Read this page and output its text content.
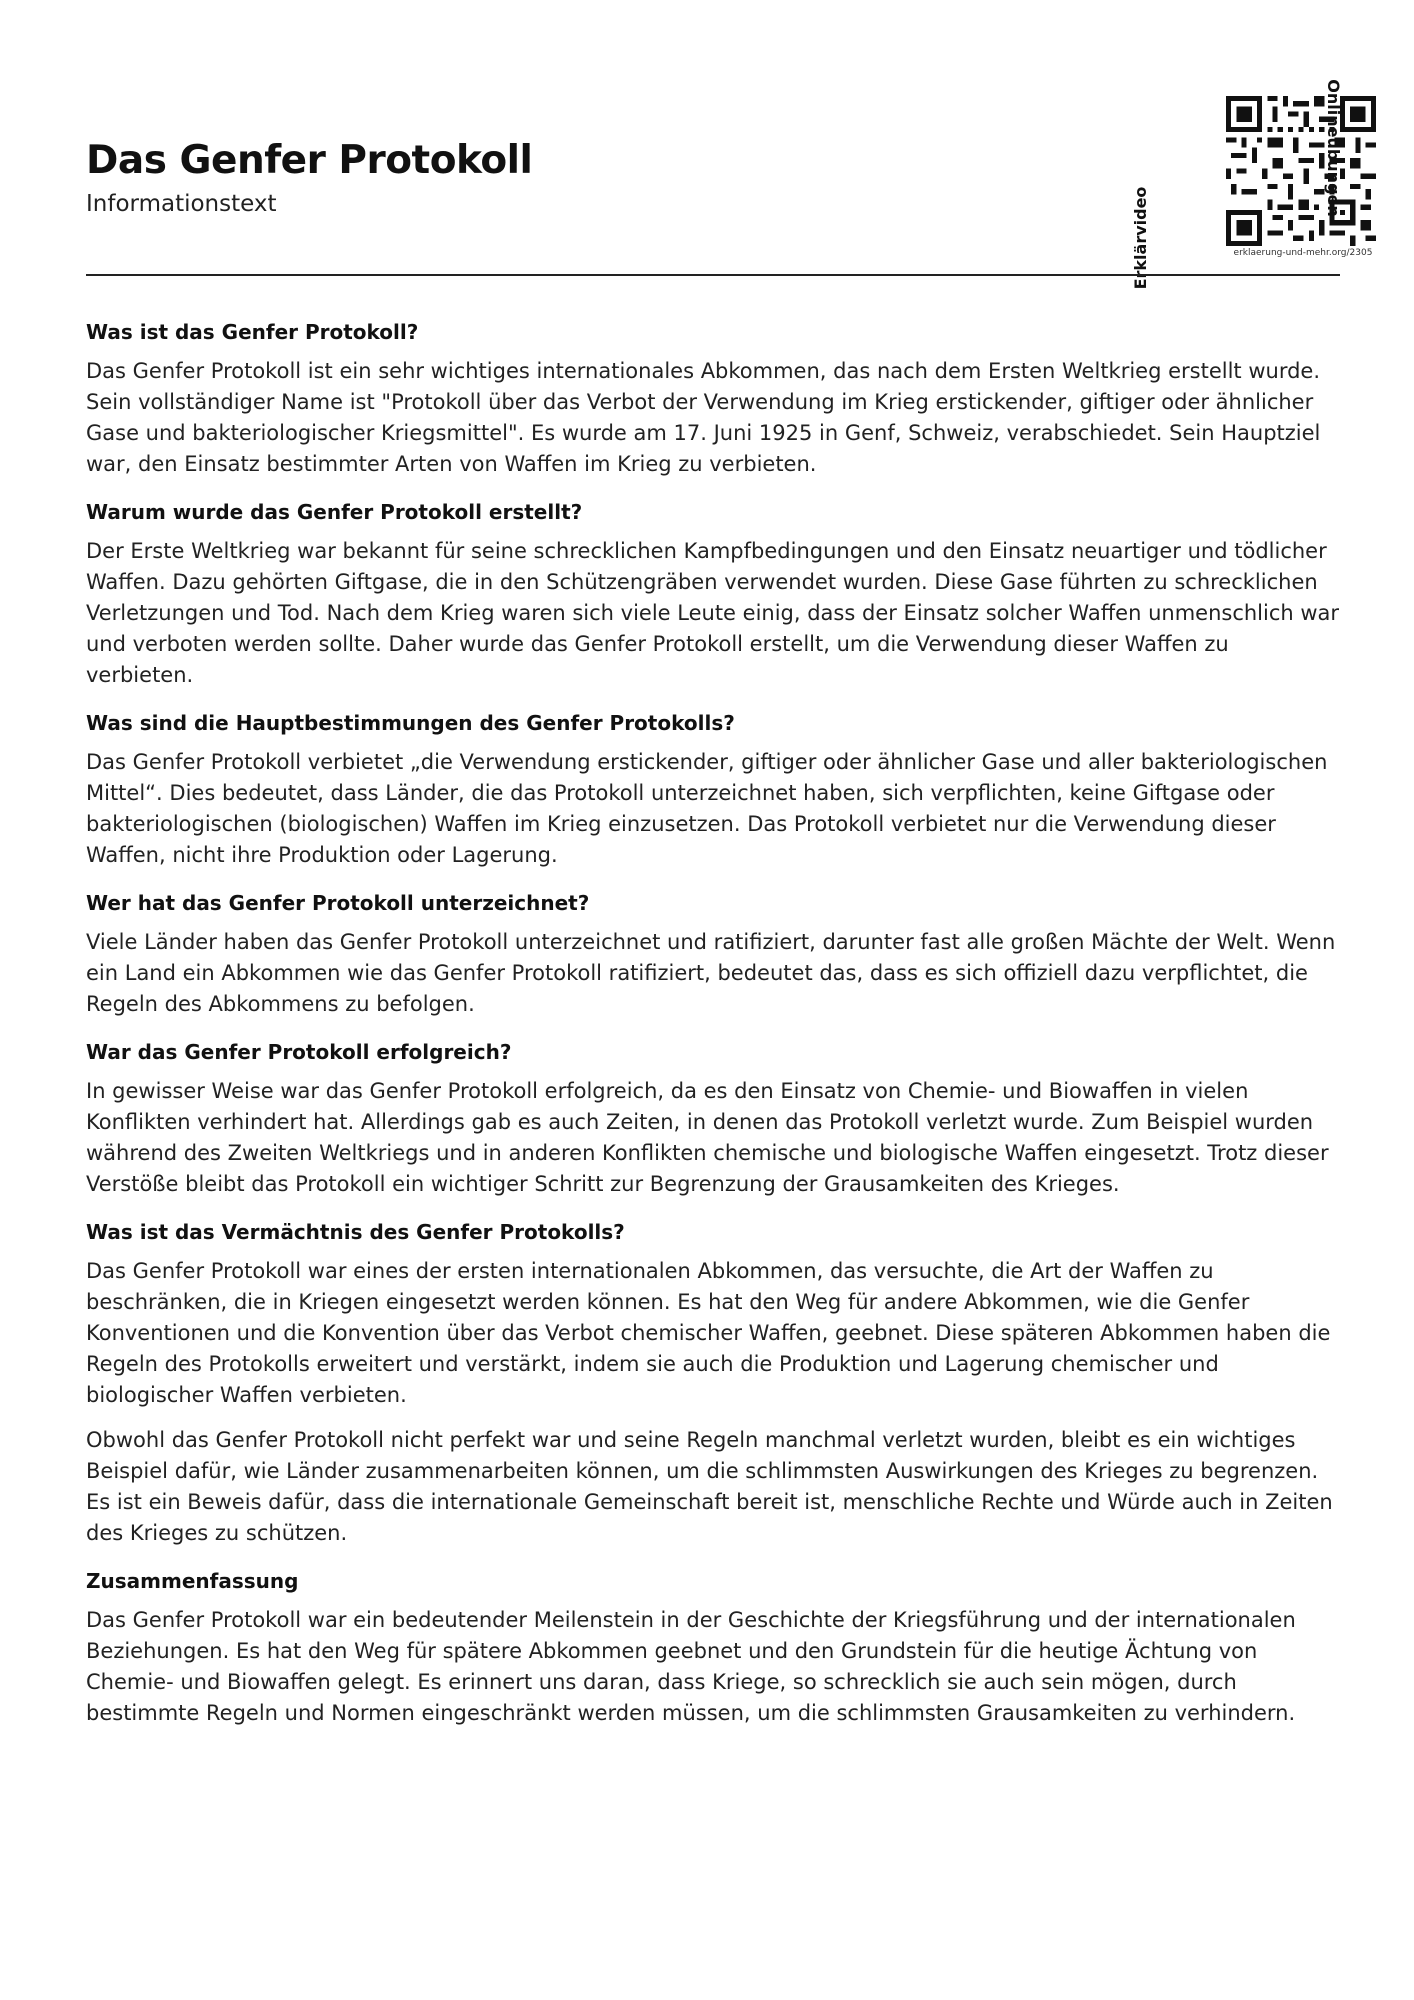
Das Genfer Protokoll
Informationstext	Erklärvideo
Onlineübungen
erklaerung-und-mehr.org/2305
Was ist das Genfer Protokoll?

Das Genfer Protokoll ist ein sehr wichtiges internationales Abkommen, das nach dem Ersten Weltkrieg erstellt wurde. Sein vollständiger Name ist "Protokoll über das Verbot der Verwendung im Krieg erstickender, giftiger oder ähnlicher Gase und bakteriologischer Kriegsmittel". Es wurde am 17. Juni 1925 in Genf, Schweiz, verabschiedet. Sein Hauptziel war, den Einsatz bestimmter Arten von Waffen im Krieg zu verbieten.

Warum wurde das Genfer Protokoll erstellt?

Der Erste Weltkrieg war bekannt für seine schrecklichen Kampfbedingungen und den Einsatz neuartiger und tödlicher Waffen. Dazu gehörten Giftgase, die in den Schützengräben verwendet wurden. Diese Gase führten zu schrecklichen Verletzungen und Tod. Nach dem Krieg waren sich viele Leute einig, dass der Einsatz solcher Waffen unmenschlich war und verboten werden sollte. Daher wurde das Genfer Protokoll erstellt, um die Verwendung dieser Waffen zu verbieten.

Was sind die Hauptbestimmungen des Genfer Protokolls?

Das Genfer Protokoll verbietet „die Verwendung erstickender, giftiger oder ähnlicher Gase und aller bakteriologischen Mittel“. Dies bedeutet, dass Länder, die das Protokoll unterzeichnet haben, sich verpflichten, keine Giftgase oder bakteriologischen (biologischen) Waffen im Krieg einzusetzen. Das Protokoll verbietet nur die Verwendung dieser Waffen, nicht ihre Produktion oder Lagerung.

Wer hat das Genfer Protokoll unterzeichnet?

Viele Länder haben das Genfer Protokoll unterzeichnet und ratifiziert, darunter fast alle großen Mächte der Welt. Wenn ein Land ein Abkommen wie das Genfer Protokoll ratifiziert, bedeutet das, dass es sich offiziell dazu verpflichtet, die Regeln des Abkommens zu befolgen.

War das Genfer Protokoll erfolgreich?

In gewisser Weise war das Genfer Protokoll erfolgreich, da es den Einsatz von Chemie- und Biowaffen in vielen Konflikten verhindert hat. Allerdings gab es auch Zeiten, in denen das Protokoll verletzt wurde. Zum Beispiel wurden während des Zweiten Weltkriegs und in anderen Konflikten chemische und biologische Waffen eingesetzt. Trotz dieser Verstöße bleibt das Protokoll ein wichtiger Schritt zur Begrenzung der Grausamkeiten des Krieges.

Was ist das Vermächtnis des Genfer Protokolls?

Das Genfer Protokoll war eines der ersten internationalen Abkommen, das versuchte, die Art der Waffen zu beschränken, die in Kriegen eingesetzt werden können. Es hat den Weg für andere Abkommen, wie die Genfer Konventionen und die Konvention über das Verbot chemischer Waffen, geebnet. Diese späteren Abkommen haben die Regeln des Protokolls erweitert und verstärkt, indem sie auch die Produktion und Lagerung chemischer und biologischer Waffen verbieten.

Obwohl das Genfer Protokoll nicht perfekt war und seine Regeln manchmal verletzt wurden, bleibt es ein wichtiges Beispiel dafür, wie Länder zusammenarbeiten können, um die schlimmsten Auswirkungen des Krieges zu begrenzen. Es ist ein Beweis dafür, dass die internationale Gemeinschaft bereit ist, menschliche Rechte und Würde auch in Zeiten des Krieges zu schützen.

Zusammenfassung

Das Genfer Protokoll war ein bedeutender Meilenstein in der Geschichte der Kriegsführung und der internationalen Beziehungen. Es hat den Weg für spätere Abkommen geebnet und den Grundstein für die heutige Ächtung von Chemie- und Biowaffen gelegt. Es erinnert uns daran, dass Kriege, so schrecklich sie auch sein mögen, durch bestimmte Regeln und Normen eingeschränkt werden müssen, um die schlimmsten Grausamkeiten zu verhindern.
